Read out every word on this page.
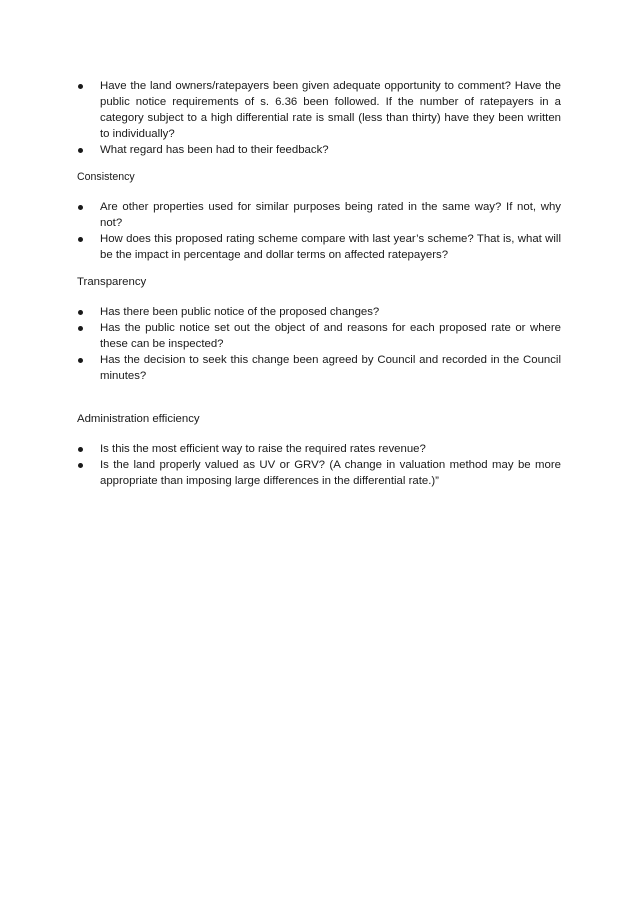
Have the land owners/ratepayers been given adequate opportunity to comment? Have the public notice requirements of s. 6.36 been followed. If the number of ratepayers in a category subject to a high differential rate is small (less than thirty) have they been written to individually?
What regard has been had to their feedback?

Consistency

Are other properties used for similar purposes being rated in the same way? If not, why not?
How does this proposed rating scheme compare with last year’s scheme? That is, what will be the impact in percentage and dollar terms on affected ratepayers?

Transparency

Has there been public notice of the proposed changes?
Has the public notice set out the object of and reasons for each proposed rate or where these can be inspected?
Has the decision to seek this change been agreed by Council and recorded in the Council minutes?

Administration efficiency

Is this the most efficient way to raise the required rates revenue?
Is the land properly valued as UV or GRV? (A change in valuation method may be more appropriate than imposing large differences in the differential rate.)”
